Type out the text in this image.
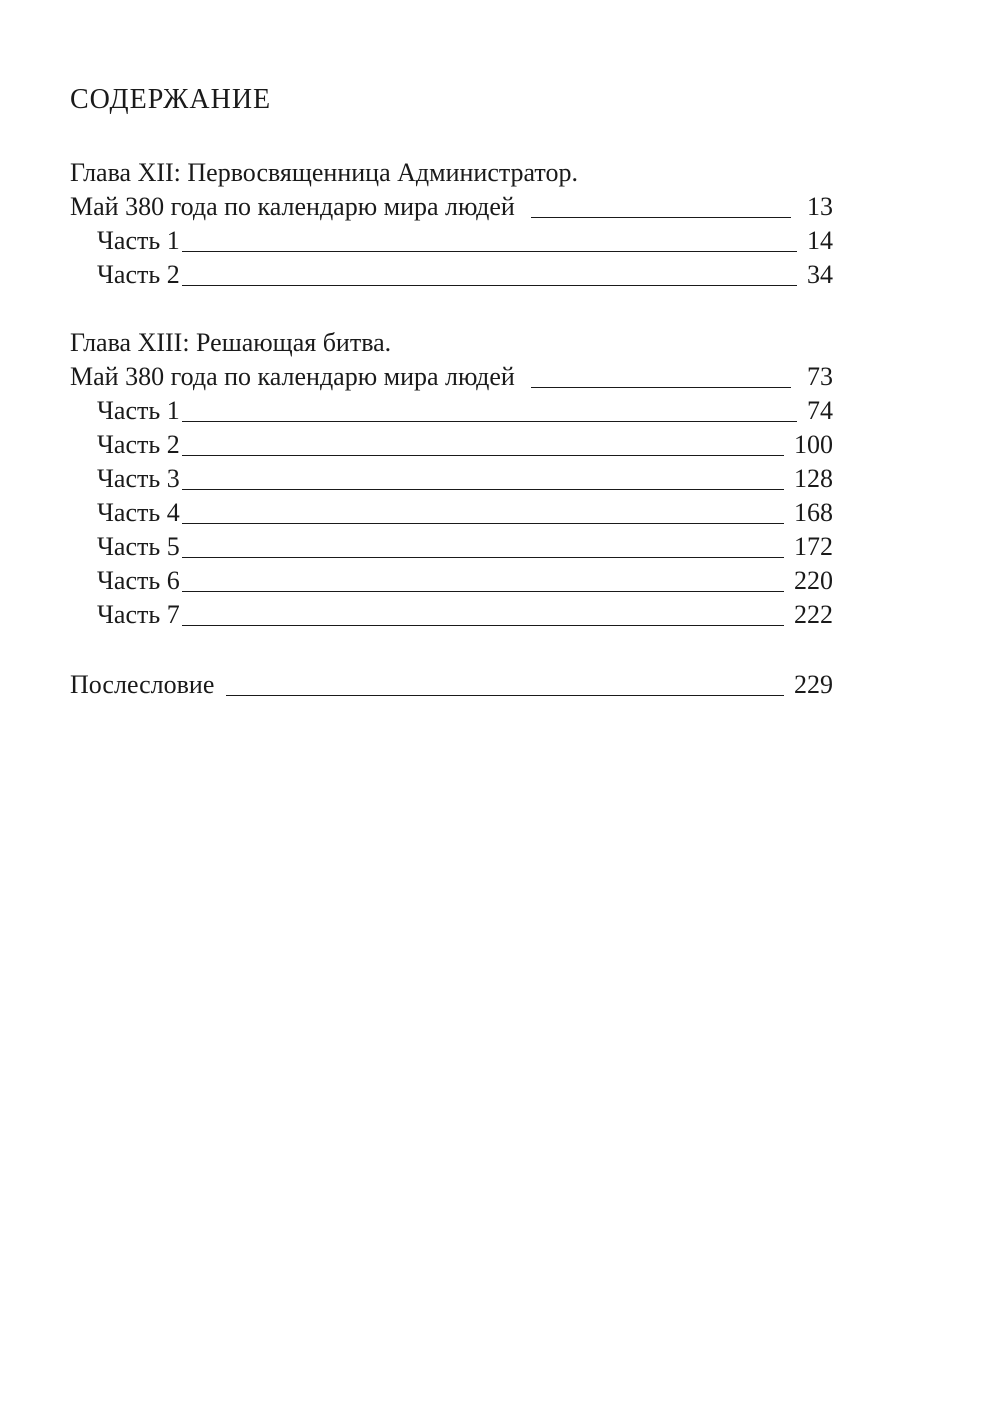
СОДЕРЖАНИЕ
Глава XII: Первосвященница Администратор.
Май 380 года по календарю мира людей	13
Часть 1	14
Часть 2	34
Глава XIII: Решающая битва.
Май 380 года по календарю мира людей	73
Часть 1	74
Часть 2	100
Часть 3	128
Часть 4	168
Часть 5	172
Часть 6	220
Часть 7	222
Послесловие	229
